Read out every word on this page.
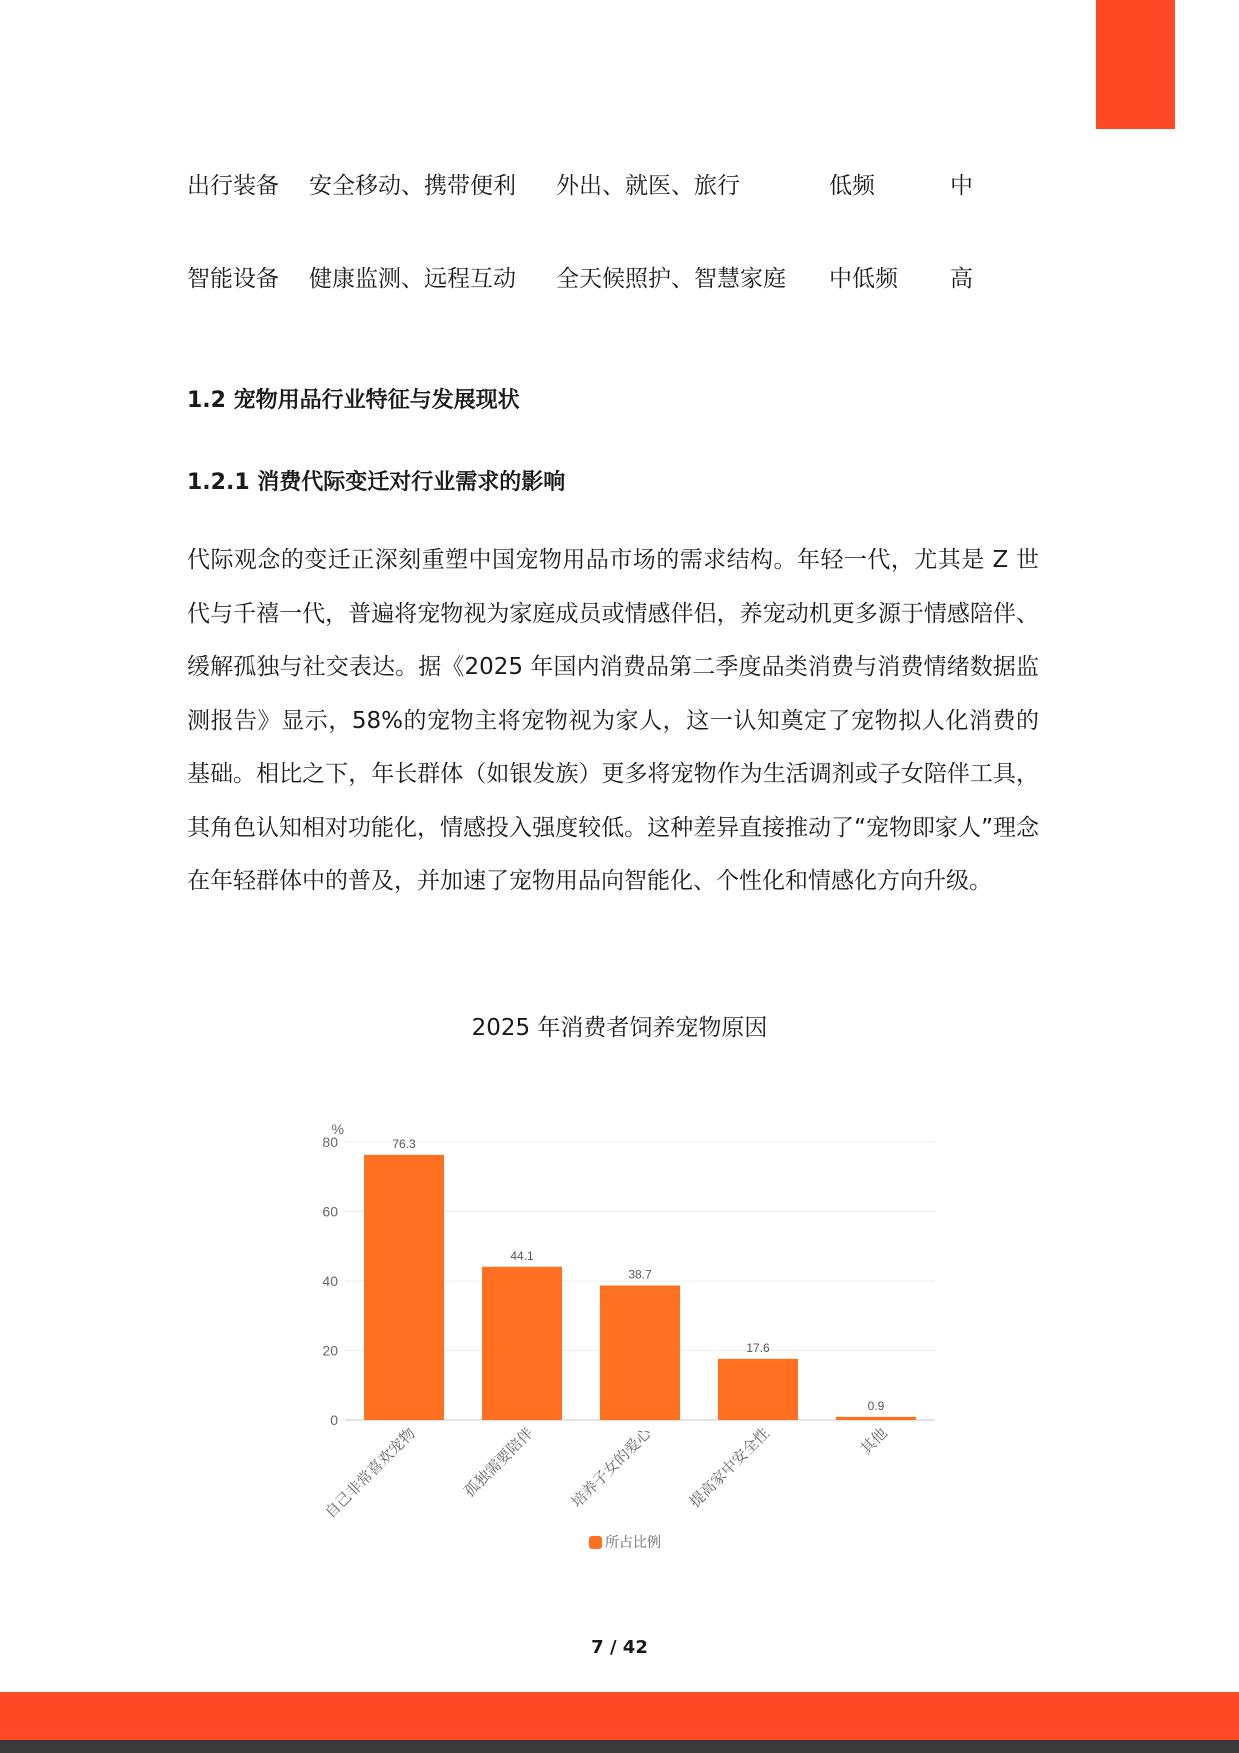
出行装备 安全移动、携带便利 外出、就医、旅行	低频	中
智能设备 健康监测、远程互动 全天候照护、智慧家庭 中低频 高
1.2 宠物用品行业特征与发展现状
1.2.1 消费代际变迁对行业需求的影响

代际观念的变迁正深刻重塑中国宠物用品市场的需求结构。年轻一代，尤其是 Z 世代与千禧一代，普遍将宠物视为家庭成员或情感伴侣，养宠动机更多源于情感陪伴、缓解孤独与社交表达。据《2025 年国内消费品第二季度品类消费与消费情绪数据监测报告》显示，58%的宠物主将宠物视为家人，这一认知奠定了宠物拟人化消费的基础。相比之下，年长群体（如银发族）更多将宠物作为生活调剂或子女陪伴工具，其角色认知相对功能化，情感投入强度较低。这种差异直接推动了“宠物即家人”理念在年轻群体中的普及，并加速了宠物用品向智能化、个性化和情感化方向升级。

2025 年消费者饲养宠物原因
0
20
40
60
80
%
76.3
自己非常喜欢宠物
44.1
孤独需要陪伴
38.7
培养子女的爱心
17.6
提高家中安全性
0.9
其他
所占比例
7 / 42
